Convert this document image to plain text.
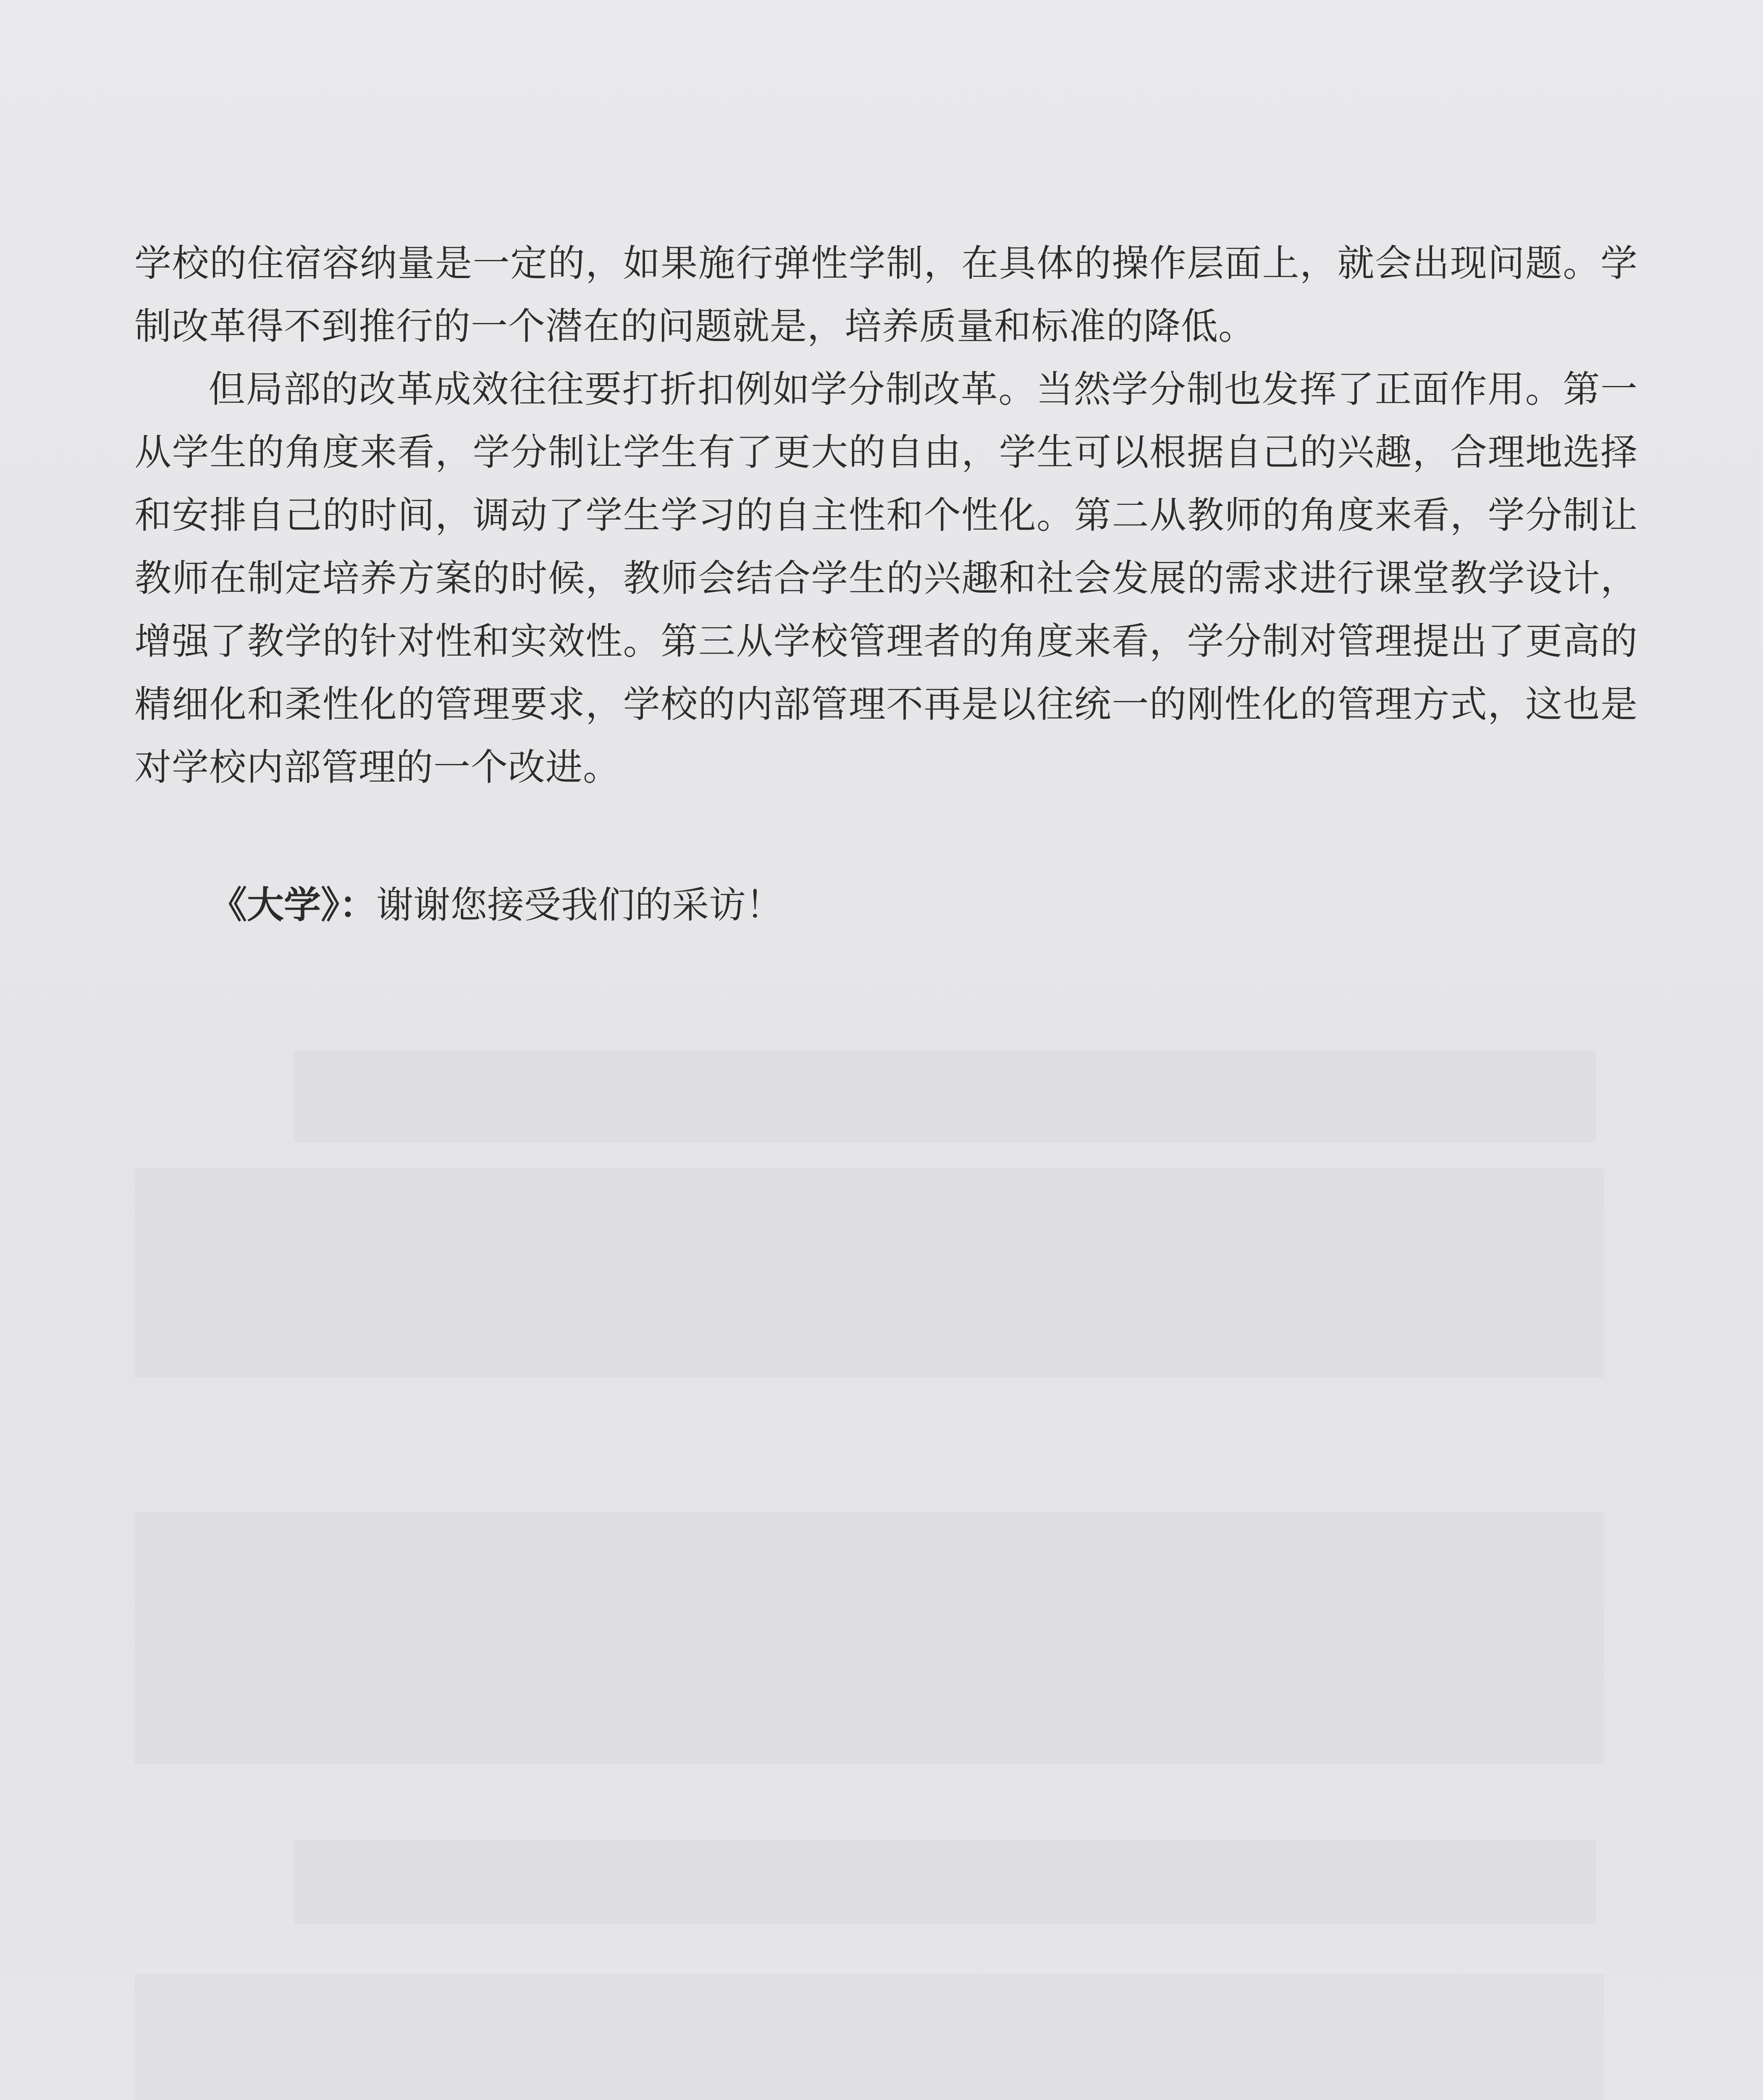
学校的住宿容纳量是一定的，如果施行弹性学制，在具体的操作层面上，就会出现问题。学制改革得不到推行的一个潜在的问题就是，培养质量和标准的降低。

但局部的改革成效往往要打折扣例如学分制改革。当然学分制也发挥了正面作用。第一从学生的角度来看，学分制让学生有了更大的自由，学生可以根据自己的兴趣，合理地选择和安排自己的时间，调动了学生学习的自主性和个性化。第二从教师的角度来看，学分制让教师在制定培养方案的时候，教师会结合学生的兴趣和社会发展的需求进行课堂教学设计，增强了教学的针对性和实效性。第三从学校管理者的角度来看，学分制对管理提出了更高的精细化和柔性化的管理要求，学校的内部管理不再是以往统一的刚性化的管理方式，这也是对学校内部管理的一个改进。

《大学》：谢谢您接受我们的采访！
